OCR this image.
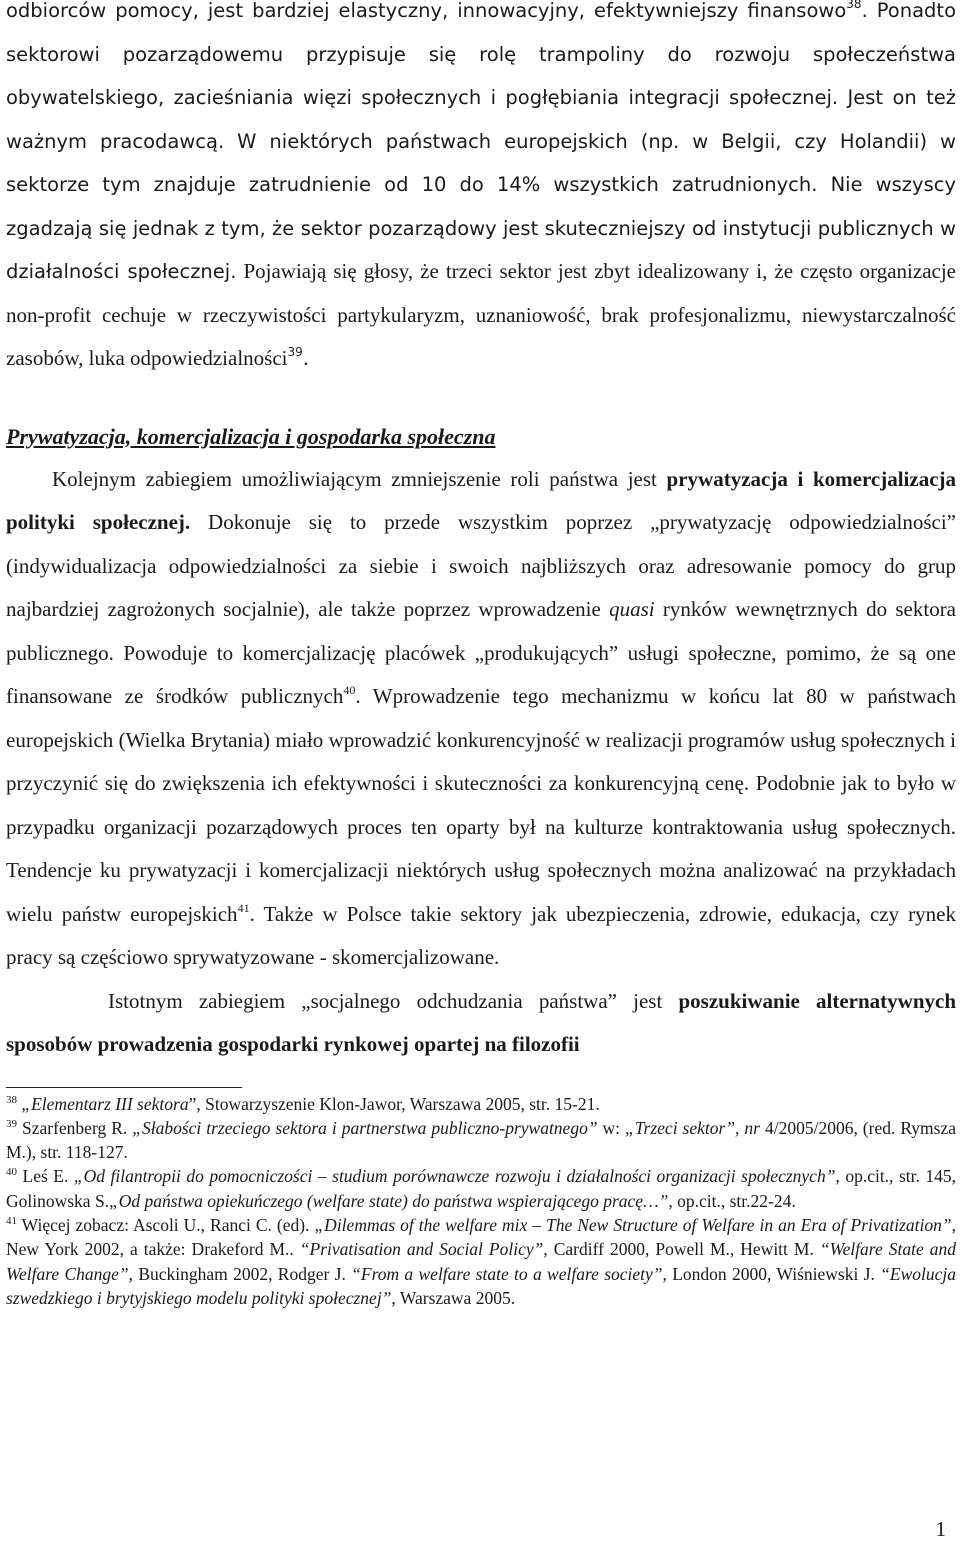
odbiorców pomocy, jest bardziej elastyczny, innowacyjny, efektywniejszy finansowo$^{38}$. Ponadto sektorowi pozarządowemu przypisuje się rolę trampoliny do rozwoju społeczeństwa obywatelskiego, zacieśniania więzi społecznych i pogłębiania integracji społecznej. Jest on też ważnym pracodawcą. W niektórych państwach europejskich (np. w Belgii, czy Holandii) w sektorze tym znajduje zatrudnienie od 10 do 14% wszystkich zatrudnionych. Nie wszyscy zgadzają się jednak z tym, że sektor pozarządowy jest skuteczniejszy od instytucji publicznych w działalności społecznej. Pojawiają się głosy, że trzeci sektor jest zbyt idealizowany i, że często organizacje non-profit cechuje w rzeczywistości partykularyzm, uznaniowość, brak profesjonalizmu, niewystarczalność zasobów, luka odpowiedzialności$^{39}$.

Prywatyzacja, komercjalizacja i gospodarka społeczna

Kolejnym zabiegiem umożliwiającym zmniejszenie roli państwa jest prywatyzacja i komercjalizacja polityki społecznej. Dokonuje się to przede wszystkim poprzez „prywatyzację odpowiedzialności” (indywidualizacja odpowiedzialności za siebie i swoich najbliższych oraz adresowanie pomocy do grup najbardziej zagrożonych socjalnie), ale także poprzez wprowadzenie quasi rynków wewnętrznych do sektora publicznego. Powoduje to komercjalizację placówek „produkujących” usługi społeczne, pomimo, że są one finansowane ze środków publicznych$^{40}$. Wprowadzenie tego mechanizmu w końcu lat 80 w państwach europejskich (Wielka Brytania) miało wprowadzić konkurencyjność w realizacji programów usług społecznych i przyczynić się do zwiększenia ich efektywności i skuteczności za konkurencyjną cenę. Podobnie jak to było w przypadku organizacji pozarządowych proces ten oparty był na kulturze kontraktowania usług społecznych. Tendencje ku prywatyzacji i komercjalizacji niektórych usług społecznych można analizować na przykładach wielu państw europejskich$^{41}$. Także w Polsce takie sektory jak ubezpieczenia, zdrowie, edukacja, czy rynek pracy są częściowo sprywatyzowane - skomercjalizowane.

Istotnym zabiegiem „socjalnego odchudzania państwa” jest poszukiwanie alternatywnych sposobów prowadzenia gospodarki rynkowej opartej na filozofii

$^{38}$ „Elementarz III sektora”, Stowarzyszenie Klon-Jawor, Warszawa 2005, str. 15-21.

$^{39}$ Szarfenberg R. „Słabości trzeciego sektora i partnerstwa publiczno-prywatnego” w: „Trzeci sektor”, nr 4/2005/2006, (red. Rymsza M.), str. 118-127.

$^{40}$ Leś E. „Od filantropii do pomocniczości – studium porównawcze rozwoju i działalności organizacji społecznych”, op.cit., str. 145, Golinowska S.„Od państwa opiekuńczego (welfare state) do państwa wspierającego pracę…”, op.cit., str.22-24.

$^{41}$ Więcej zobacz: Ascoli U., Ranci C. (ed). „Dilemmas of the welfare mix – The New Structure of Welfare in an Era of Privatization”, New York 2002, a także: Drakeford M.. “Privatisation and Social Policy”, Cardiff 2000, Powell M., Hewitt M. “Welfare State and Welfare Change”, Buckingham 2002, Rodger J. “From a welfare state to a welfare society”, London 2000, Wiśniewski J. “Ewolucja szwedzkiego i brytyjskiego modelu polityki społecznej”, Warszawa 2005.

1
